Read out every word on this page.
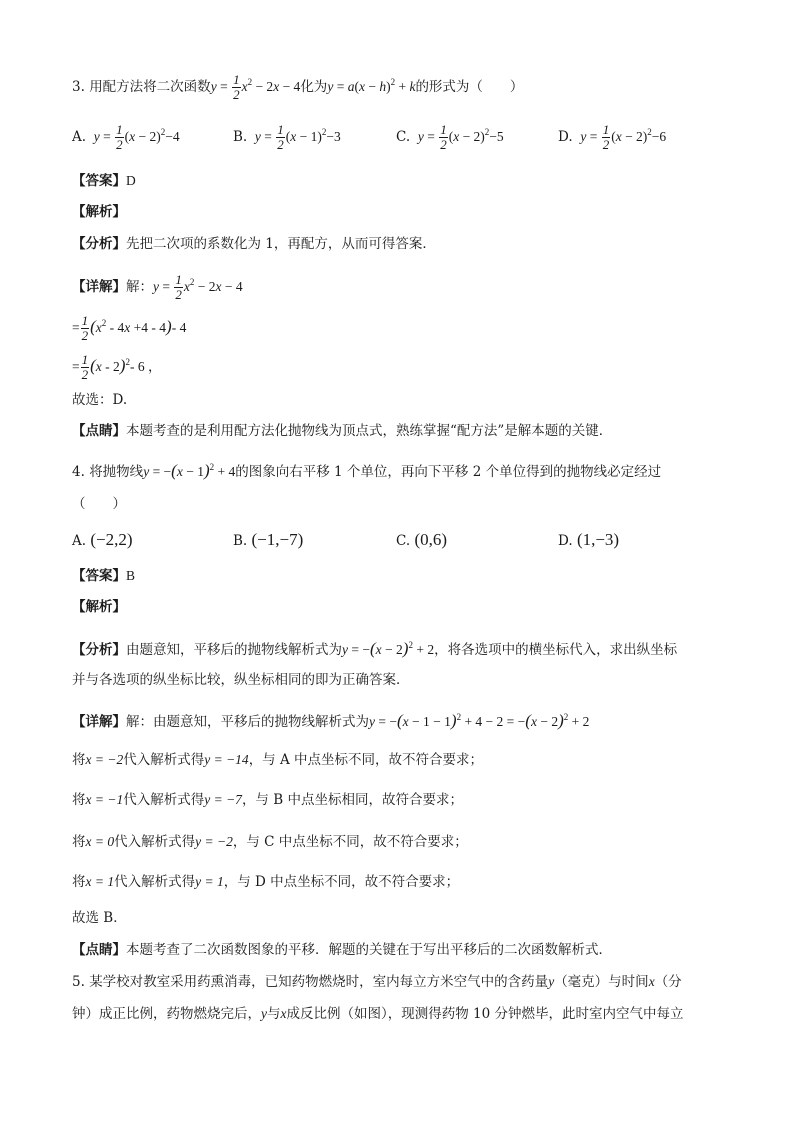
3. 用配方法将二次函数$y = \frac{1}{2} x^2 - 2x - 4$化为$y = a(x - h)^2 + k$的形式为（　　）
A.  $y = \frac{1}{2} (x - 2)^2-4$	B.  $y = \frac{1}{2} (x - 1)^2-3$	C.  $y = \frac{1}{2} (x - 2)^2-5$	D.  $y = \frac{1}{2} (x - 2)^2-6$
【答案】D
【解析】
【分析】先把二次项的系数化为 1，再配方，从而可得答案．
【详解】解：$y = \frac{1}{2} x^2 - 2x - 4$
= $\frac{1}{2} (x^2 - 4x +4 - 4)-$ 4
= $\frac{1}{2} (x - 2)^2-$ 6 ，
故选：D.
【点睛】本题考查的是利用配方法化抛物线为顶点式，熟练掌握“配方法”是解本题的关键．
4. 将抛物线$y = -(x - 1)^2 + 4$的图象向右平移 1 个单位，再向下平移 2 个单位得到的抛物线必定经过
（　　）
A. (−2,2)	B. (−1,−7)	C. (0,6)	D. (1,−3)
【答案】B
【解析】
【分析】由题意知，平移后的抛物线解析式为$y = -(x - 2)^2 + 2$，将各选项中的横坐标代入，求出纵坐标
并与各选项的纵坐标比较，纵坐标相同的即为正确答案．
【详解】解：由题意知，平移后的抛物线解析式为$y = -(x - 1 - 1)^2 + 4 - 2 = -(x - 2)^2 + 2$
将x = −2代入解析式得y = −14，与 A 中点坐标不同，故不符合要求；
将x = −1代入解析式得y = −7，与 B 中点坐标相同，故符合要求；
将x = 0代入解析式得y = −2，与 C 中点坐标不同，故不符合要求；
将x = 1代入解析式得y = 1，与 D 中点坐标不同，故不符合要求；
故选 B．
【点睛】本题考查了二次函数图象的平移．解题的关键在于写出平移后的二次函数解析式．
5. 某学校对教室采用药熏消毒，已知药物燃烧时，室内每立方米空气中的含药量y（毫克）与时间x（分
钟）成正比例，药物燃烧完后，y与x成反比例（如图），现测得药物 10 分钟燃毕，此时室内空气中每立
